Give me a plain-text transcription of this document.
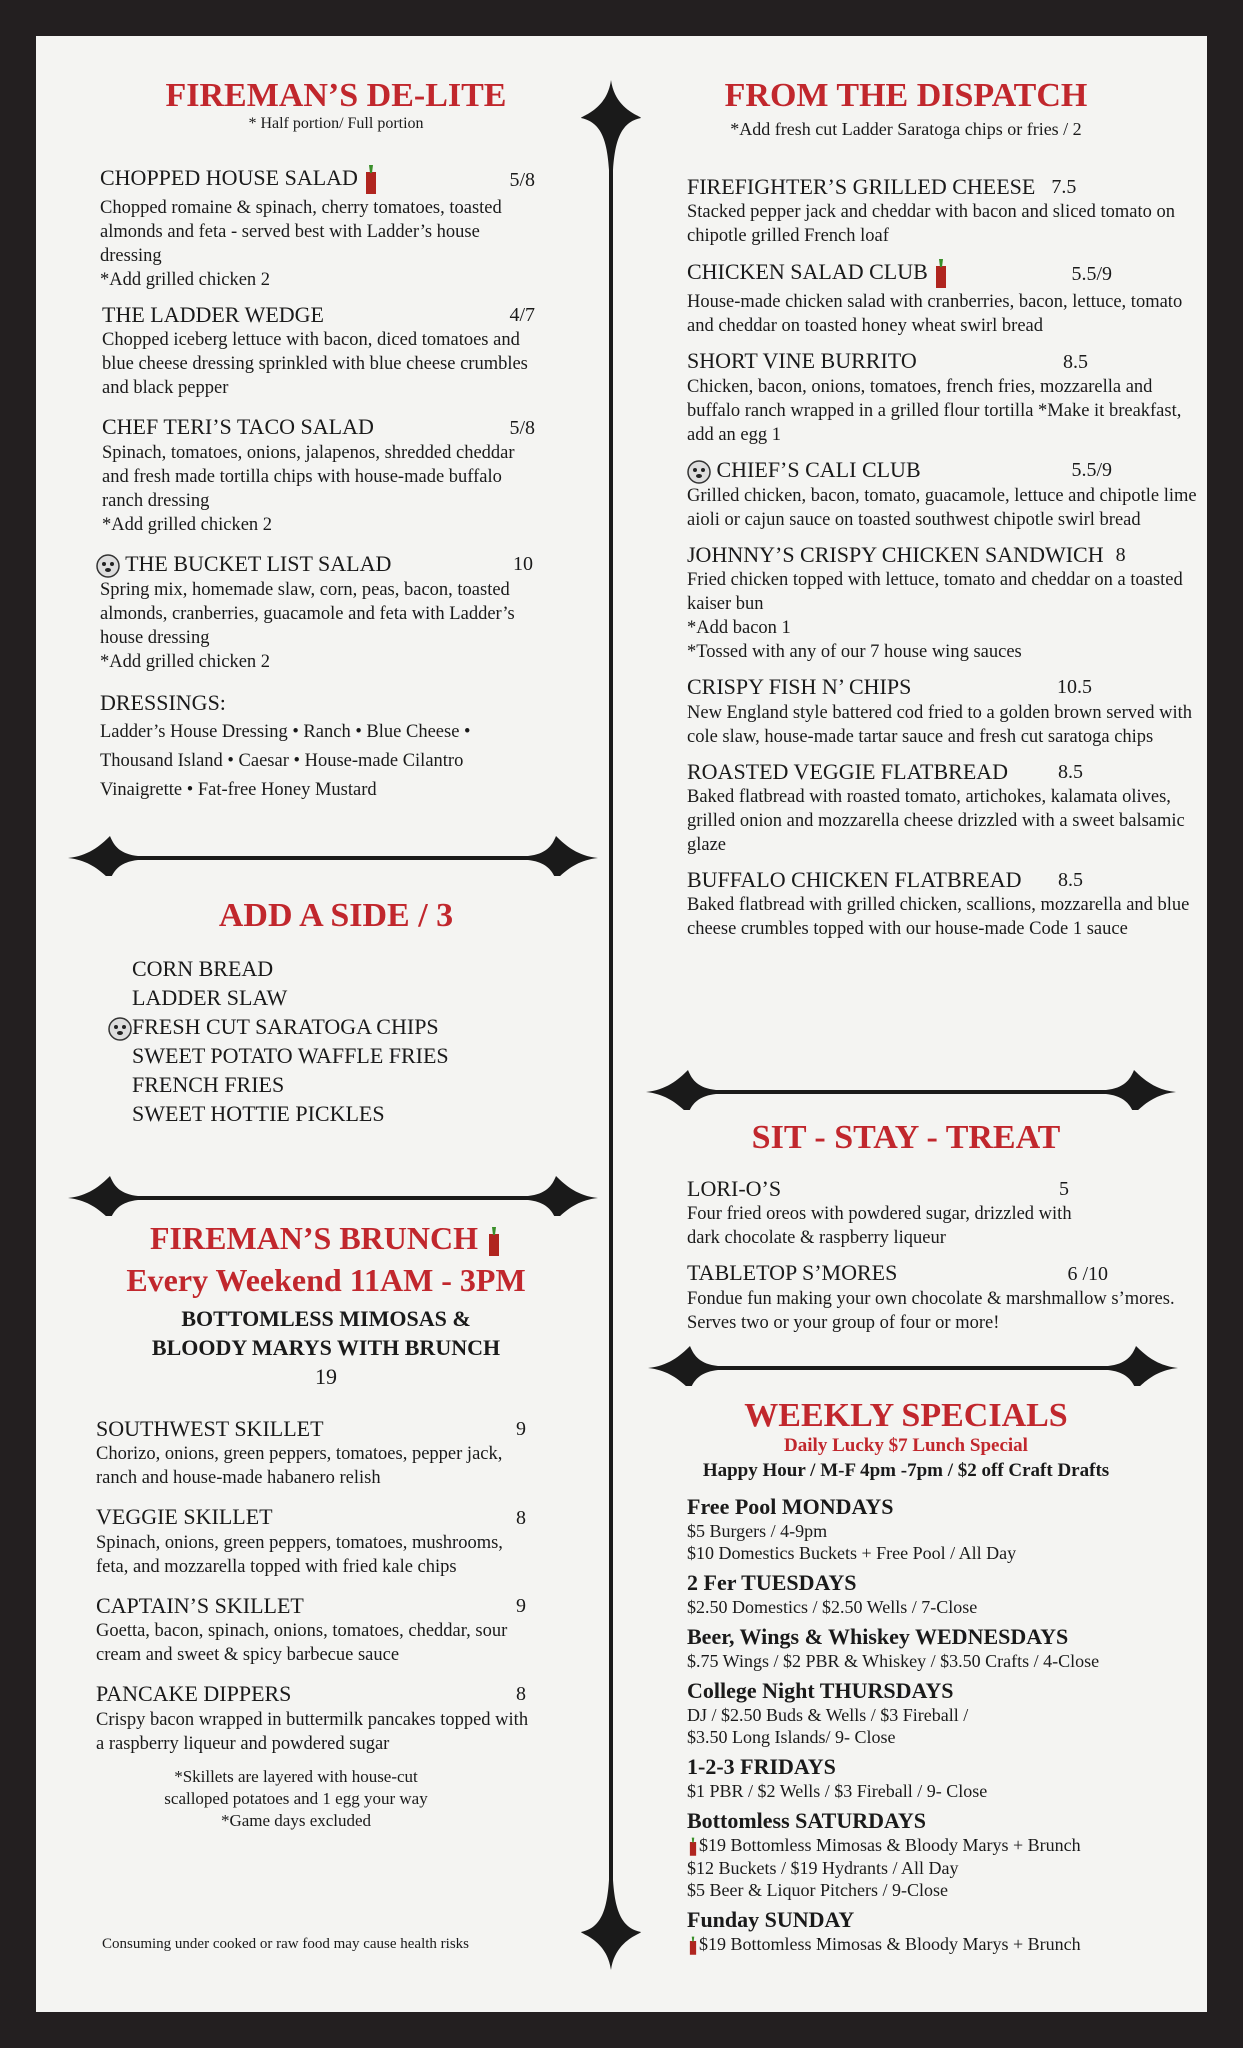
FIREMAN’S DE-LITE
* Half portion/ Full portion
CHOPPED HOUSE SALAD	5/8
Chopped romaine & spinach, cherry tomatoes, toasted almonds and feta - served best with Ladder’s house dressing
*Add grilled chicken 2
THE LADDER WEDGE	4/7
Chopped iceberg lettuce with bacon, diced tomatoes and blue cheese dressing sprinkled with blue cheese crumbles and black pepper
CHEF TERI’S TACO SALAD	5/8
Spinach, tomatoes, onions, jalapenos, shredded cheddar and fresh made tortilla chips with house-made buffalo ranch dressing
*Add grilled chicken 2
THE BUCKET LIST SALAD	10
Spring mix, homemade slaw, corn, peas, bacon, toasted almonds, cranberries, guacamole and feta with Ladder’s house dressing
*Add grilled chicken 2
DRESSINGS:
Ladder’s House Dressing • Ranch • Blue Cheese • Thousand Island • Caesar • House-made Cilantro Vinaigrette • Fat-free Honey Mustard
ADD A SIDE / 3
CORN BREAD
LADDER SLAW
FRESH CUT SARATOGA CHIPS
SWEET POTATO WAFFLE FRIES
FRENCH FRIES
SWEET HOTTIE PICKLES
FIREMAN’S BRUNCH
Every Weekend 11AM - 3PM
BOTTOMLESS MIMOSAS &
BLOODY MARYS WITH BRUNCH
19
SOUTHWEST SKILLET	9
Chorizo, onions, green peppers, tomatoes, pepper jack, ranch and house-made habanero relish
VEGGIE SKILLET	8
Spinach, onions, green peppers, tomatoes, mushrooms, feta, and mozzarella topped with fried kale chips
CAPTAIN’S SKILLET	9
Goetta, bacon, spinach, onions, tomatoes, cheddar, sour cream and sweet & spicy barbecue sauce
PANCAKE DIPPERS	8
Crispy bacon wrapped in buttermilk pancakes topped with a raspberry liqueur and powdered sugar
*Skillets are layered with house-cut
scalloped potatoes and 1 egg your way
*Game days excluded
Consuming under cooked or raw food may cause health risks
FROM THE DISPATCH
*Add fresh cut Ladder Saratoga chips or fries / 2
FIREFIGHTER’S GRILLED CHEESE 7.5
Stacked pepper jack and cheddar with bacon and sliced tomato on chipotle grilled French loaf
CHICKEN SALAD CLUB	5.5/9
House-made chicken salad with cranberries, bacon, lettuce, tomato and cheddar on toasted honey wheat swirl bread
SHORT VINE BURRITO	8.5
Chicken, bacon, onions, tomatoes, french fries, mozzarella and buffalo ranch wrapped in a grilled flour tortilla *Make it breakfast, add an egg 1
CHIEF’S CALI CLUB	5.5/9
Grilled chicken, bacon, tomato, guacamole, lettuce and chipotle lime aioli or cajun sauce on toasted southwest chipotle swirl bread
JOHNNY’S CRISPY CHICKEN SANDWICH 8
Fried chicken topped with lettuce, tomato and cheddar on a toasted kaiser bun
*Add bacon 1
*Tossed with any of our 7 house wing sauces
CRISPY FISH N’ CHIPS	10.5
New England style battered cod fried to a golden brown served with cole slaw, house-made tartar sauce and fresh cut saratoga chips
ROASTED VEGGIE FLATBREAD 8.5
Baked flatbread with roasted tomato, artichokes, kalamata olives, grilled onion and mozzarella cheese drizzled with a sweet balsamic glaze
BUFFALO CHICKEN FLATBREAD 8.5
Baked flatbread with grilled chicken, scallions, mozzarella and blue cheese crumbles topped with our house-made Code 1 sauce
SIT - STAY - TREAT
LORI-O’S	5
Four fried oreos with powdered sugar, drizzled with dark chocolate & raspberry liqueur
TABLETOP S’MORES	6 /10
Fondue fun making your own chocolate & marshmallow s’mores. Serves two or your group of four or more!
WEEKLY SPECIALS
Daily Lucky $7 Lunch Special
Happy Hour / M-F 4pm -7pm / $2 off Craft Drafts
Free Pool MONDAYS
$5 Burgers / 4-9pm
$10 Domestics Buckets + Free Pool / All Day
2 Fer TUESDAYS
$2.50 Domestics / $2.50 Wells / 7-Close
Beer, Wings & Whiskey WEDNESDAYS
$.75 Wings / $2 PBR & Whiskey / $3.50 Crafts / 4-Close
College Night THURSDAYS
DJ / $2.50 Buds & Wells / $3 Fireball /
$3.50 Long Islands/ 9- Close
1-2-3 FRIDAYS
$1 PBR / $2 Wells / $3 Fireball / 9- Close
Bottomless SATURDAYS
$19 Bottomless Mimosas & Bloody Marys + Brunch
$12 Buckets / $19 Hydrants / All Day
$5 Beer & Liquor Pitchers / 9-Close
Funday SUNDAY
$19 Bottomless Mimosas & Bloody Marys + Brunch
